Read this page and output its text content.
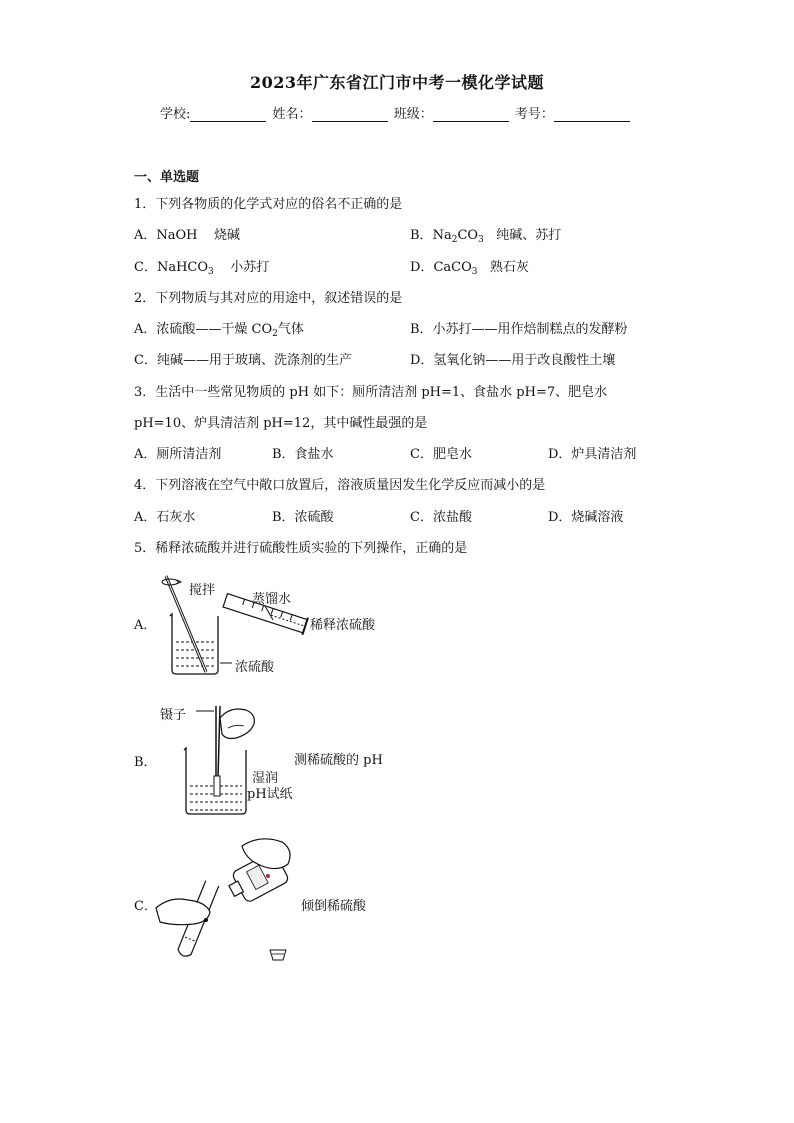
2023年广东省江门市中考一模化学试题
学校:	姓名：	班级：	考号：
一、单选题
1．下列各物质的化学式对应的俗名不正确的是
A．NaOH 烧碱	B．$Na_2CO_3$ 纯碱、苏打
C．NaHCO$_3$ 小苏打	D．CaCO$_3$ 熟石灰
2．下列物质与其对应的用途中，叙述错误的是
A．浓硫酸——干燥 $CO_2$气体	B．小苏打——用作焙制糕点的发酵粉
C．纯碱——用于玻璃、洗涤剂的生产	D．氢氧化钠——用于改良酸性土壤
3．生活中一些常见物质的 pH 如下：厕所清洁剂 pH=1、食盐水 pH=7、肥皂水
pH=10、炉具清洁剂 pH=12，其中碱性最强的是
A．厕所清洁剂	B．食盐水	C．肥皂水	D．炉具清洁剂
4．下列溶液在空气中敞口放置后，溶液质量因发生化学反应而减小的是
A．石灰水	B．浓硫酸	C．浓盐酸	D．烧碱溶液
5．稀释浓硫酸并进行硫酸性质实验的下列操作，正确的是
A．
搅拌
蒸馏水
浓硫酸
稀释浓硫酸
B．
镊子
湿润
pH试纸
测稀硫酸的 pH
C．	倾倒稀硫酸
